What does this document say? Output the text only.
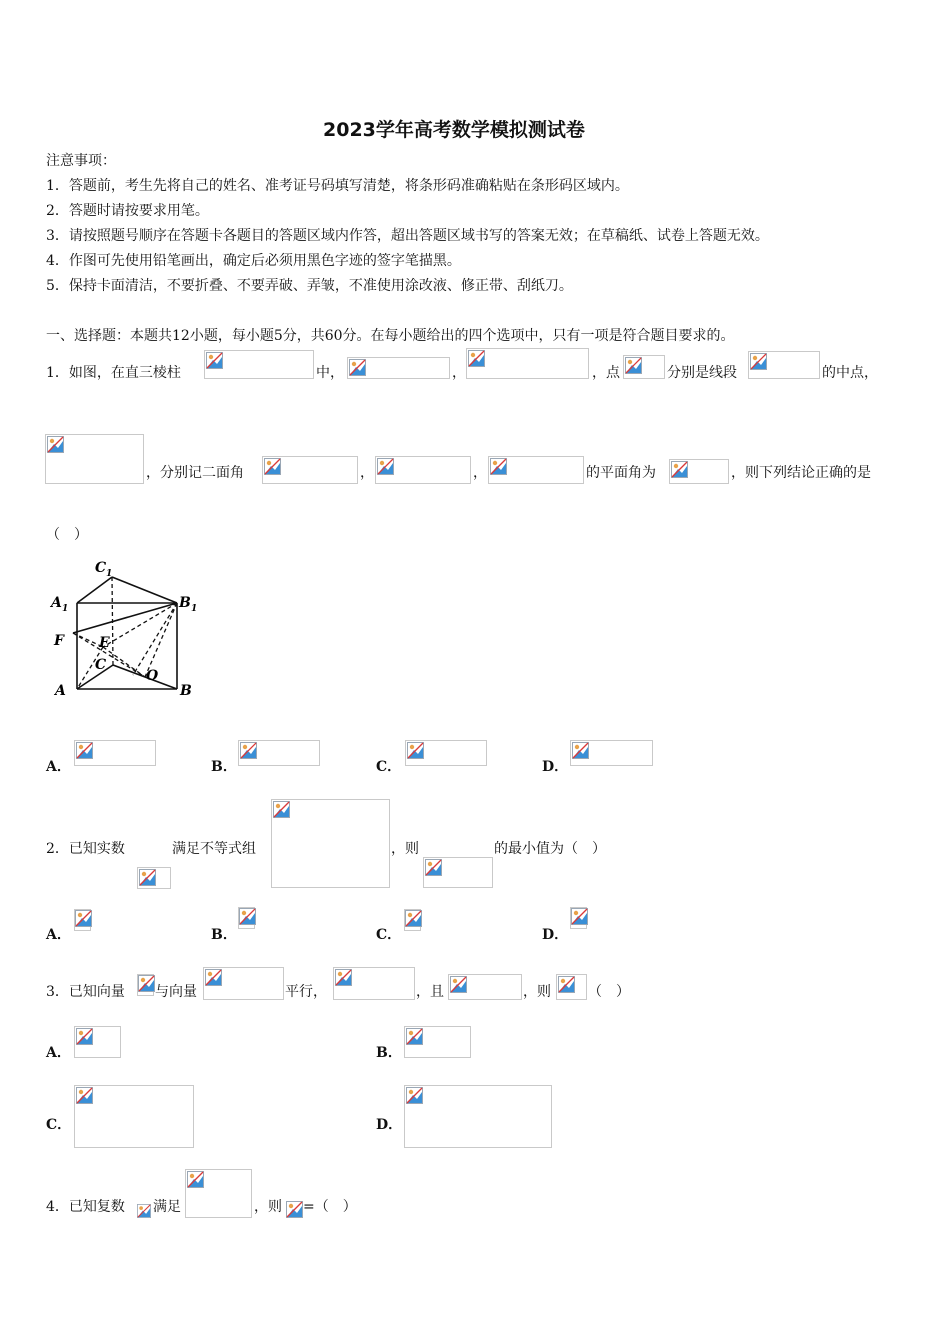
2023学年高考数学模拟测试卷
注意事项：
1．答题前，考生先将自己的姓名、准考证号码填写清楚，将条形码准确粘贴在条形码区域内。
2．答题时请按要求用笔。
3．请按照题号顺序在答题卡各题目的答题区域内作答，超出答题区域书写的答案无效；在草稿纸、试卷上答题无效。
4．作图可先使用铅笔画出，确定后必须用黑色字迹的签字笔描黑。
5．保持卡面清洁，不要折叠、不要弄破、弄皱，不准使用涂改液、修正带、刮纸刀。
一、选择题：本题共12小题，每小题5分，共60分。在每小题给出的四个选项中，只有一项是符合题目要求的。
1．如图，在直三棱柱	中，	，	，点	分别是线段	的中点，
，分别记二面角	，	，	的平面角为	，则下列结论正确的是
（　）
C 1
A 1	B 1
F	E
C
O
A	B
A．	B．	C．	D．
2．已知实数	满足不等式组	，则	的最小值为（　）
A．	B．	C．	D．
3．已知向量 与向量	平行，	，且	，则	（　）
A．	B．
C．	D．
4．已知复数 满足	，则 =（　）
